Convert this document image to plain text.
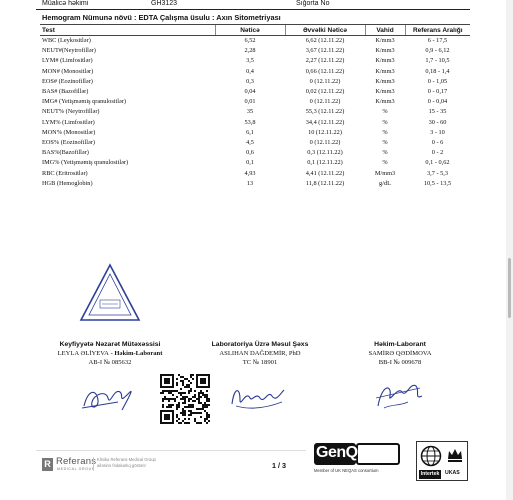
Müalicə həkimi	GH3123	Sığorta No
Hemogram Nümunə növü : EDTA Çalışma üsulu : Axın Sitometriyası
Test	Nəticə	Əvvəlki Nəticə	Vahid	Referans Aralığı
WBC (Leykositlər)	6,52	6,62 (12.11.22)	K/mm3	6 - 17,5
NEUT#(Neytrofillər)	2,28	3,67 (12.11.22)	K/mm3	0,9 - 6,12
LYM# (Limfositlər)	3,5	2,27 (12.11.22)	K/mm3	1,7 - 10,5
MON# (Monositlər)	0,4	0,66 (12.11.22)	K/mm3	0,18 - 1,4
EOS# (Eozinofillər)	0,3	0 (12.11.22)	K/mm3	0 - 1,05
BAS# (Bazofillər)	0,04	0,02 (12.11.22)	K/mm3	0 - 0,17
IMG# (Yetişməmiş qranulositlər)	0,01	0 (12.11.22)	K/mm3	0 - 0,04
NEUT% (Neytrofillər)	35	55,3 (12.11.22)	%	15 - 35
LYM% (Limfositlər)	53,8	34,4 (12.11.22)	%	30 - 60
MON% (Monositlər)	6,1	10 (12.11.22)	%	3 - 10
EOS% (Eozinofillər)	4,5	0 (12.11.22)	%	0 - 6
BAS%(Bazofillər)	0,6	0,3 (12.11.22)	%	0 - 2
IMG% (Yetişməmiş qranulositlər)	0,1	0,1 (12.11.22)	%	0,1 - 0,62
RBC (Eritrositlər)	4,93	4,41 (12.11.22)	M/mm3	3,7 - 5,3
HGB (Hemoglobin)	13	11,8 (12.11.22)	g/dL	10,5 - 13,5
Keyfiyyətə Nəzarət Mütəxəssisi
LEYLA ƏLİYEVA - Həkim-Laborant
AB-I № 085632
Laboratoriya Üzrə Məsul Şəxs
ASLIHAN DAĞDEMİR, PhD
TC № 18901
Həkim-Laborant
SAMİRƏ QƏDİMOVA
BB-I № 009678
R Referans
MEDICAL GROUP
Klinika Referans Medical Group
ailəsinə fədakarlıq göstərir	1 / 3
GenQA
Member of UK NEQAS consortium
Intertek	UKAS
